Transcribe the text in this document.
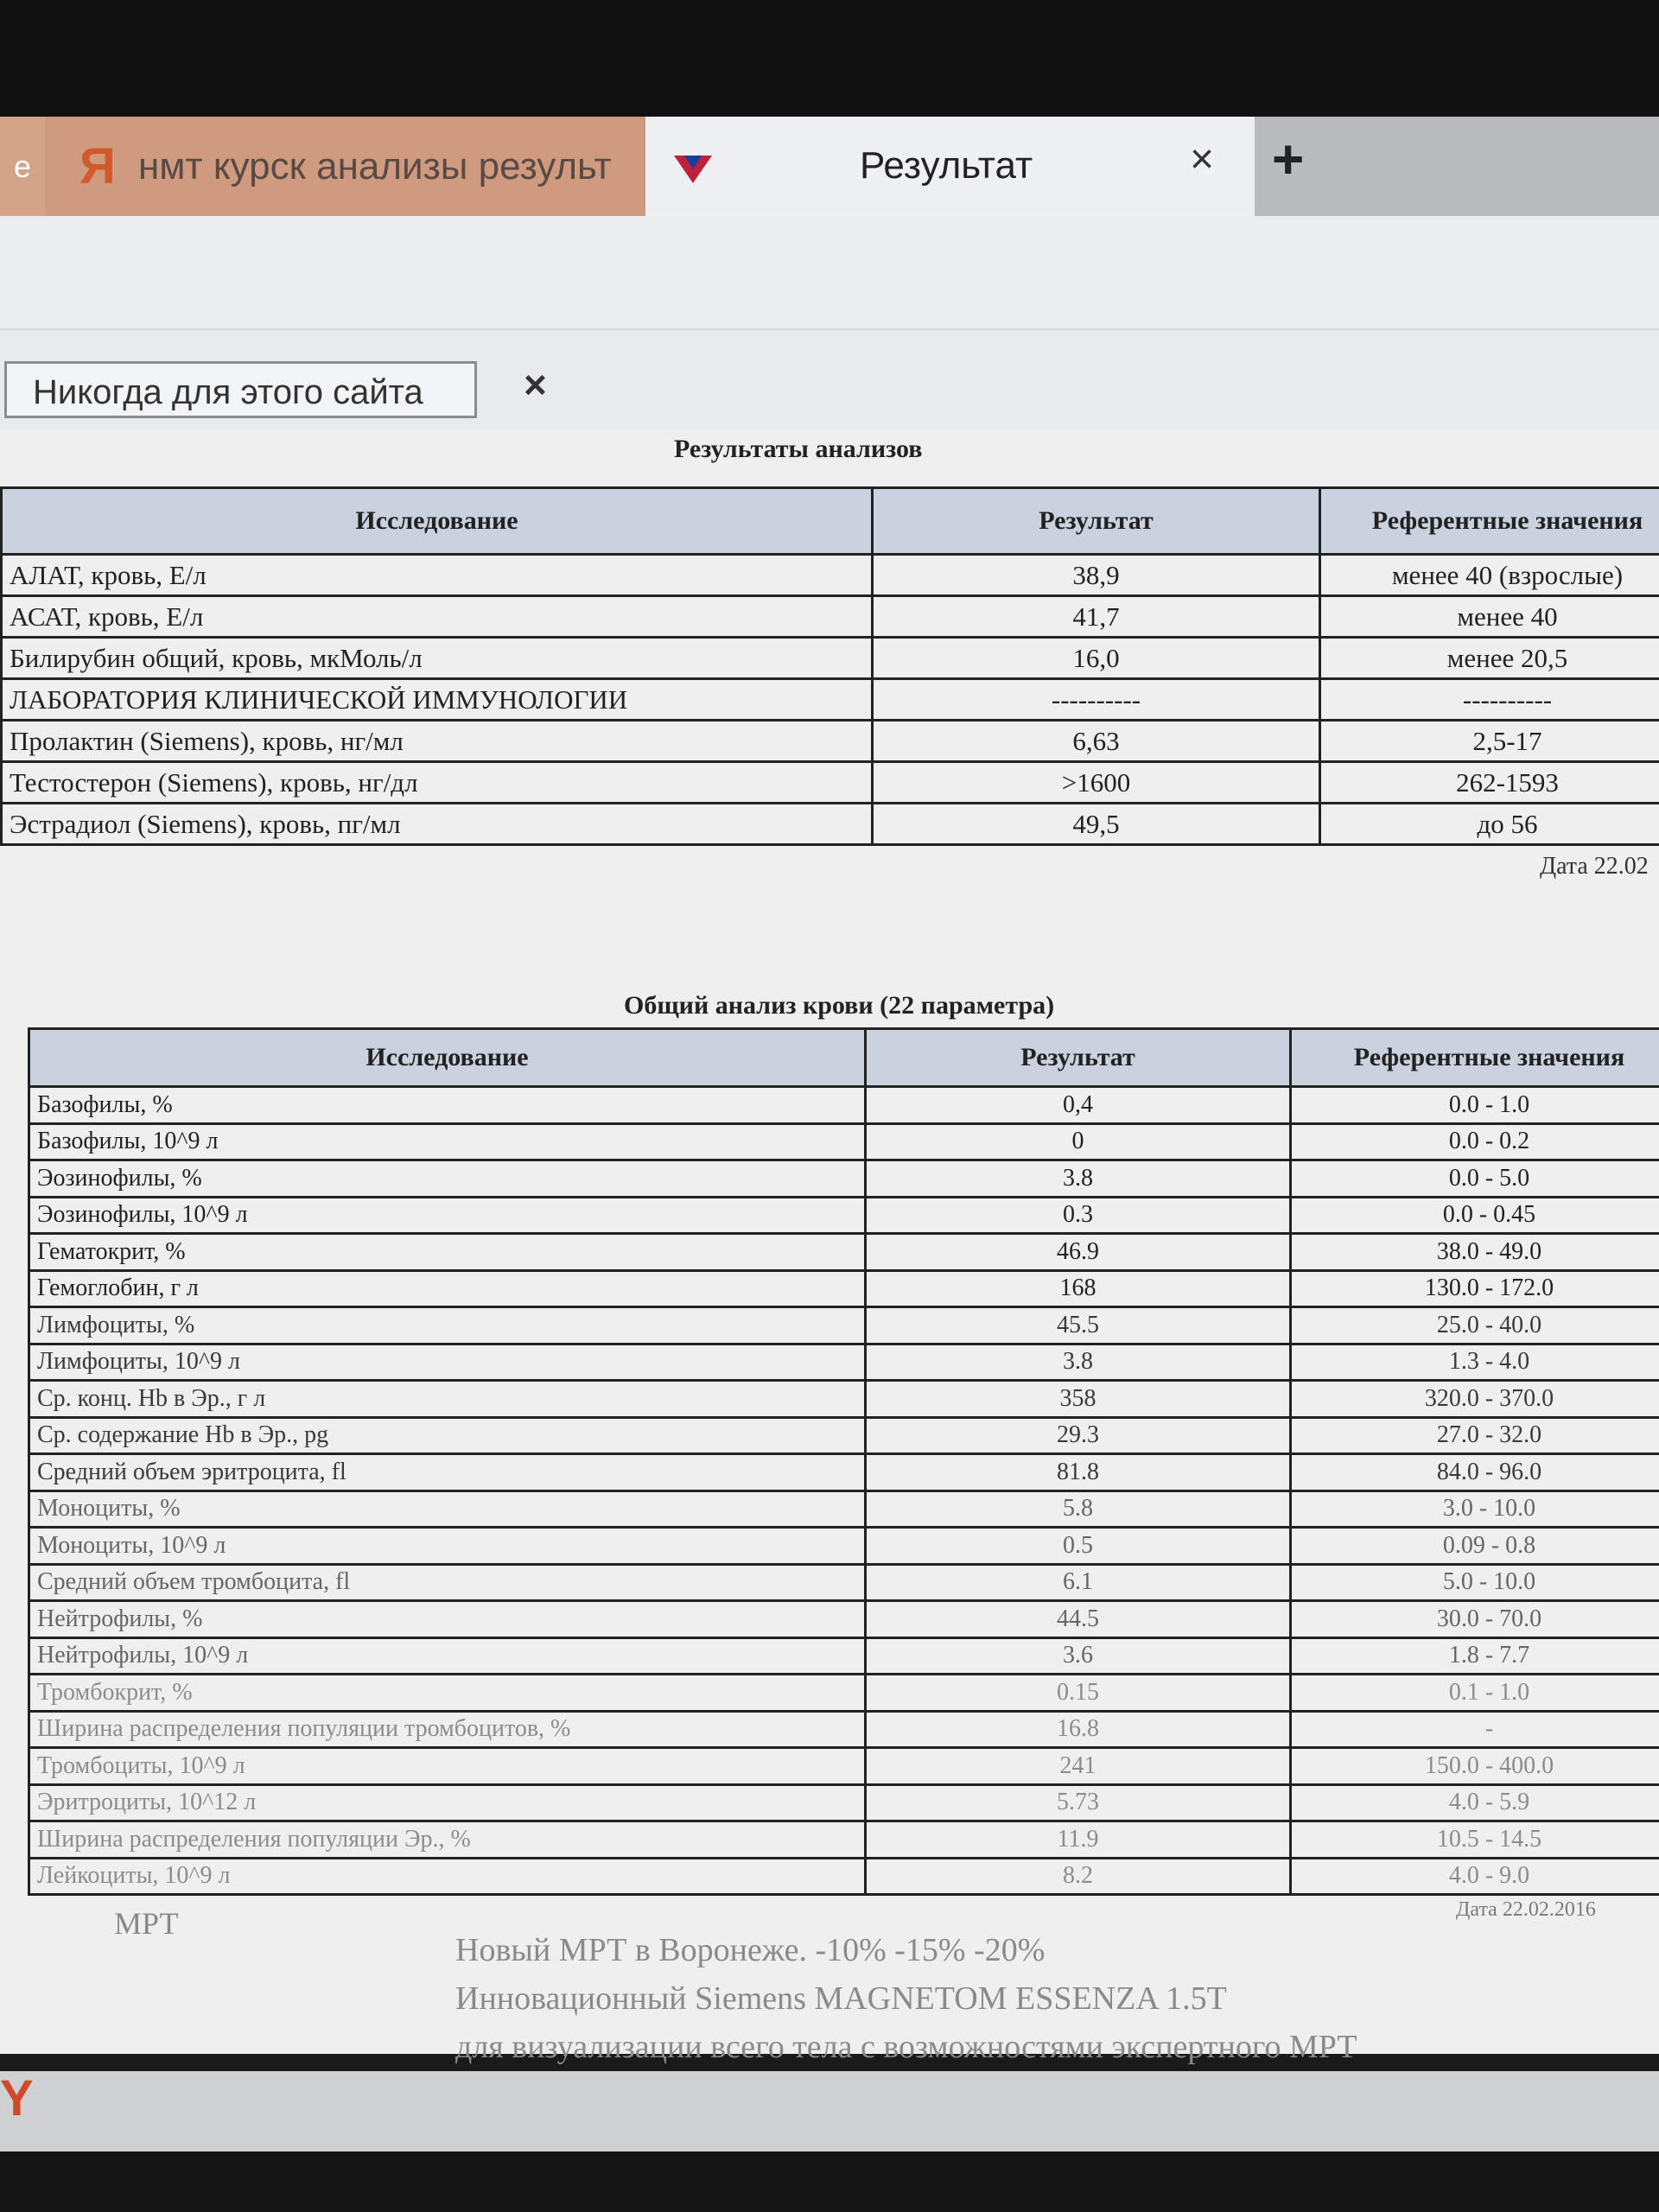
е Я нмт курск анализы результ	Результат	× +
Никогда для этого сайта	×
Результаты анализов
Исследование	Результат	Референтные значения
АЛАТ, кровь, Е/л	38,9	менее 40 (взрослые)
АСАТ, кровь, Е/л	41,7	менее 40
Билирубин общий, кровь, мкМоль/л	16,0	менее 20,5
ЛАБОРАТОРИЯ КЛИНИЧЕСКОЙ ИММУНОЛОГИИ	----------	----------
Пролактин (Siemens), кровь, нг/мл	6,63	2,5-17
Тестостерон (Siemens), кровь, нг/дл	>1600	262-1593
Эстрадиол (Siemens), кровь, пг/мл	49,5	до 56
Дата 22.02
Общий анализ крови (22 параметра)
Исследование	Результат	Референтные значения
Базофилы, %	0,4	0.0 - 1.0
Базофилы, 10^9 л	0	0.0 - 0.2
Эозинофилы, %	3.8	0.0 - 5.0
Эозинофилы, 10^9 л	0.3	0.0 - 0.45
Гематокрит, %	46.9	38.0 - 49.0
Гемоглобин, г л	168	130.0 - 172.0
Лимфоциты, %	45.5	25.0 - 40.0
Лимфоциты, 10^9 л	3.8	1.3 - 4.0
Ср. конц. Hb в Эр., г л	358	320.0 - 370.0
Ср. содержание Hb в Эр., pg	29.3	27.0 - 32.0
Средний объем эритроцита, fl	81.8	84.0 - 96.0
Моноциты, %	5.8	3.0 - 10.0
Моноциты, 10^9 л	0.5	0.09 - 0.8
Средний объем тромбоцита, fl	6.1	5.0 - 10.0
Нейтрофилы, %	44.5	30.0 - 70.0
Нейтрофилы, 10^9 л	3.6	1.8 - 7.7
Тромбокрит, %	0.15	0.1 - 1.0
Ширина распределения популяции тромбоцитов, %	16.8	-
Тромбоциты, 10^9 л	241	150.0 - 400.0
Эритроциты, 10^12 л	5.73	4.0 - 5.9
Ширина распределения популяции Эр., %	11.9	10.5 - 14.5
Лейкоциты, 10^9 л	8.2	4.0 - 9.0
Дата 22.02.2016
МРТ
Новый МРТ в Воронеже. -10% -15% -20%
Инновационный Siemens MAGNETOM ESSENZA 1.5T
для визуализации всего тела с возможностями экспертного МРТ
Y
